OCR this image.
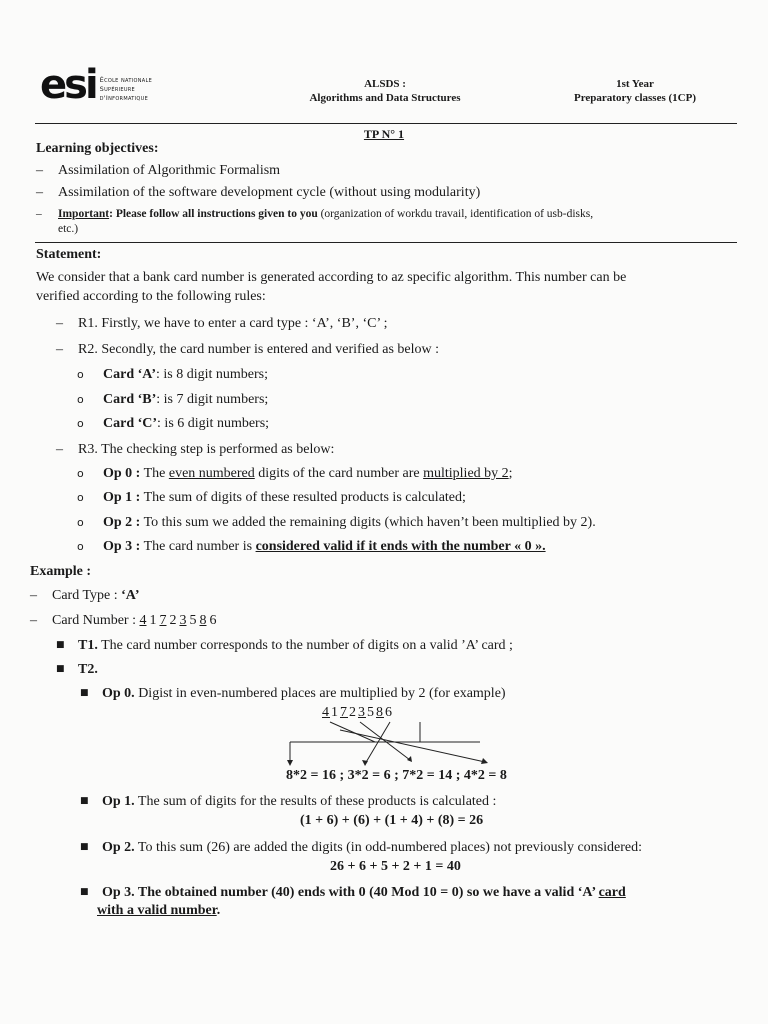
esi École nationale
Supérieure
d'Informatique
ALSDS :
Algorithms and Data Structures
1st Year
Preparatory classes (1CP)
TP N° 1
Learning objectives:
– Assimilation of Algorithmic Formalism
– Assimilation of the software development cycle (without using modularity)
– Important: Please follow all instructions given to you (organization of workdu travail, identification of usb-disks,
etc.)
Statement:
We consider that a bank card number is generated according to az specific algorithm. This number can be
verified according to the following rules:
– R1. Firstly, we have to enter a card type : ‘A’, ‘B’, ‘C’ ;
– R2. Secondly, the card number is entered and verified as below :
o Card ‘A’: is 8 digit numbers;
o Card ‘B’: is 7 digit numbers;
o Card ‘C’: is 6 digit numbers;
– R3. The checking step is performed as below:
o Op 0 : The even numbered digits of the card number are multiplied by 2;
o Op 1 : The sum of digits of these resulted products is calculated;
o Op 2 : To this sum we added the remaining digits (which haven’t been multiplied by 2).
o Op 3 : The card number is considered valid if it ends with the number « 0 ».
Example :
– Card Type : ‘A’
– Card Number : 4 1 7 2 3 5 8 6
■ T1. The card number corresponds to the number of digits on a valid ’A’ card ;
■ T2.
■ Op 0. Digist in even-numbered places are multiplied by 2 (for example)
41723586
8*2 = 16 ; 3*2 = 6 ; 7*2 = 14 ; 4*2 = 8
■ Op 1. The sum of digits for the results of these products is calculated :
(1 + 6) + (6) + (1 + 4) + (8) = 26
■ Op 2. To this sum (26) are added the digits (in odd-numbered places) not previously considered:
26 + 6 + 5 + 2 + 1 = 40
■ Op 3. The obtained number (40) ends with 0 (40 Mod 10 = 0) so we have a valid ‘A’ card
with a valid number.
